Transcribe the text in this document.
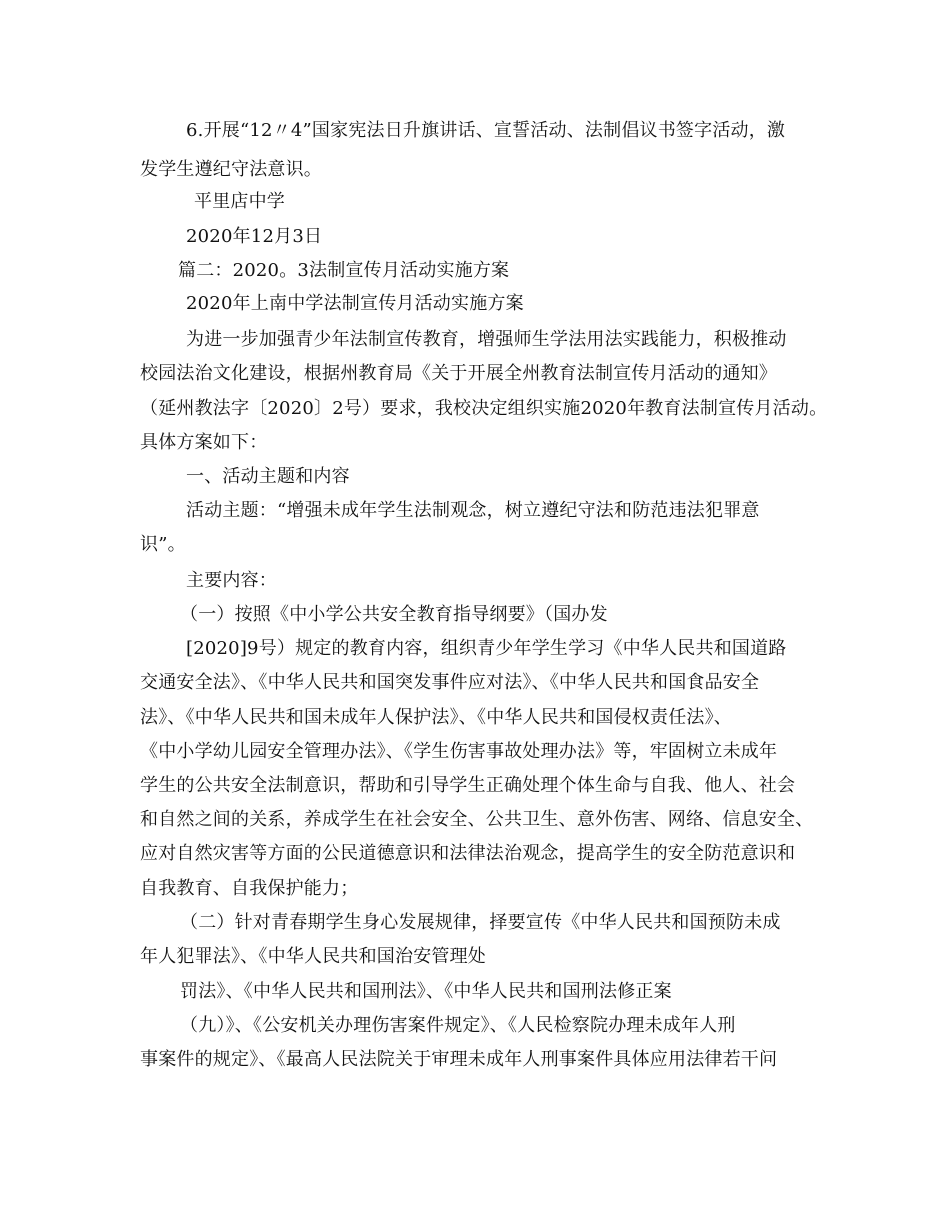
6.开展“12〃4”国家宪法日升旗讲话、宣誓活动、法制倡议书签字活动，激
发学生遵纪守法意识。
平里店中学
2020年12月3日
篇二：2020。3法制宣传月活动实施方案
2020年上南中学法制宣传月活动实施方案
为进一步加强青少年法制宣传教育，增强师生学法用法实践能力，积极推动
校园法治文化建设，根据州教育局《关于开展全州教育法制宣传月活动的通知》
（延州教法字〔2020〕2号）要求，我校决定组织实施2020年教育法制宣传月活动。
具体方案如下：
一、活动主题和内容
活动主题：“增强未成年学生法制观念，树立遵纪守法和防范违法犯罪意
识”。
主要内容：
（一）按照《中小学公共安全教育指导纲要》（国办发
[2020]9号）规定的教育内容，组织青少年学生学习《中华人民共和国道路
交通安全法》、《中华人民共和国突发事件应对法》、《中华人民共和国食品安全
法》、《中华人民共和国未成年人保护法》、《中华人民共和国侵权责任法》、
《中小学幼儿园安全管理办法》、《学生伤害事故处理办法》等，牢固树立未成年
学生的公共安全法制意识，帮助和引导学生正确处理个体生命与自我、他人、社会
和自然之间的关系，养成学生在社会安全、公共卫生、意外伤害、网络、信息安全、
应对自然灾害等方面的公民道德意识和法律法治观念，提高学生的安全防范意识和
自我教育、自我保护能力；
（二）针对青春期学生身心发展规律，择要宣传《中华人民共和国预防未成
年人犯罪法》、《中华人民共和国治安管理处
罚法》、《中华人民共和国刑法》、《中华人民共和国刑法修正案
（九）》、《公安机关办理伤害案件规定》、《人民检察院办理未成年人刑
事案件的规定》、《最高人民法院关于审理未成年人刑事案件具体应用法律若干问
